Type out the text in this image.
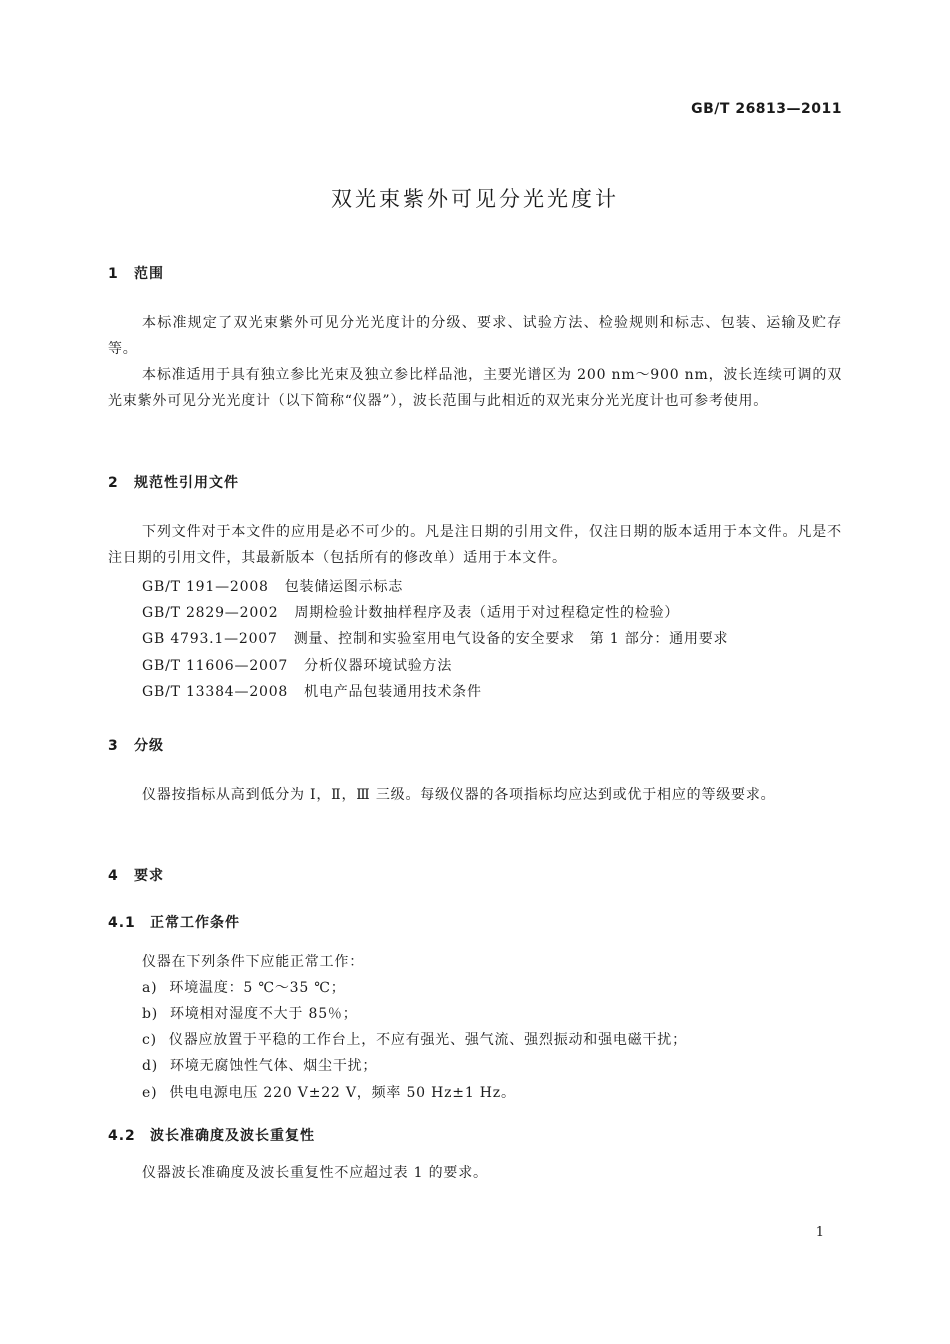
GB/T 26813—2011
双光束紫外可见分光光度计
1 范围
本标准规定了双光束紫外可见分光光度计的分级、要求、试验方法、检验规则和标志、包装、运输及贮存等。
本标准适用于具有独立参比光束及独立参比样品池，主要光谱区为 200 nm～900 nm，波长连续可调的双光束紫外可见分光光度计（以下简称“仪器”），波长范围与此相近的双光束分光光度计也可参考使用。
2 规范性引用文件
下列文件对于本文件的应用是必不可少的。凡是注日期的引用文件，仅注日期的版本适用于本文件。凡是不注日期的引用文件，其最新版本（包括所有的修改单）适用于本文件。
GB/T 191—2008 包装储运图示标志
GB/T 2829—2002 周期检验计数抽样程序及表（适用于对过程稳定性的检验）
GB 4793.1—2007 测量、控制和实验室用电气设备的安全要求　第 1 部分：通用要求
GB/T 11606—2007 分析仪器环境试验方法
GB/T 13384—2008 机电产品包装通用技术条件
3 分级
仪器按指标从高到低分为 Ⅰ，Ⅱ，Ⅲ 三级。每级仪器的各项指标均应达到或优于相应的等级要求。
4 要求
4.1 正常工作条件
仪器在下列条件下应能正常工作：
a) 环境温度：5 ℃～35 ℃；
b) 环境相对湿度不大于 85％；
c) 仪器应放置于平稳的工作台上，不应有强光、强气流、强烈振动和强电磁干扰；
d) 环境无腐蚀性气体、烟尘干扰；
e) 供电电源电压 220 V±22 V，频率 50 Hz±1 Hz。
4.2 波长准确度及波长重复性
仪器波长准确度及波长重复性不应超过表 1 的要求。
1
